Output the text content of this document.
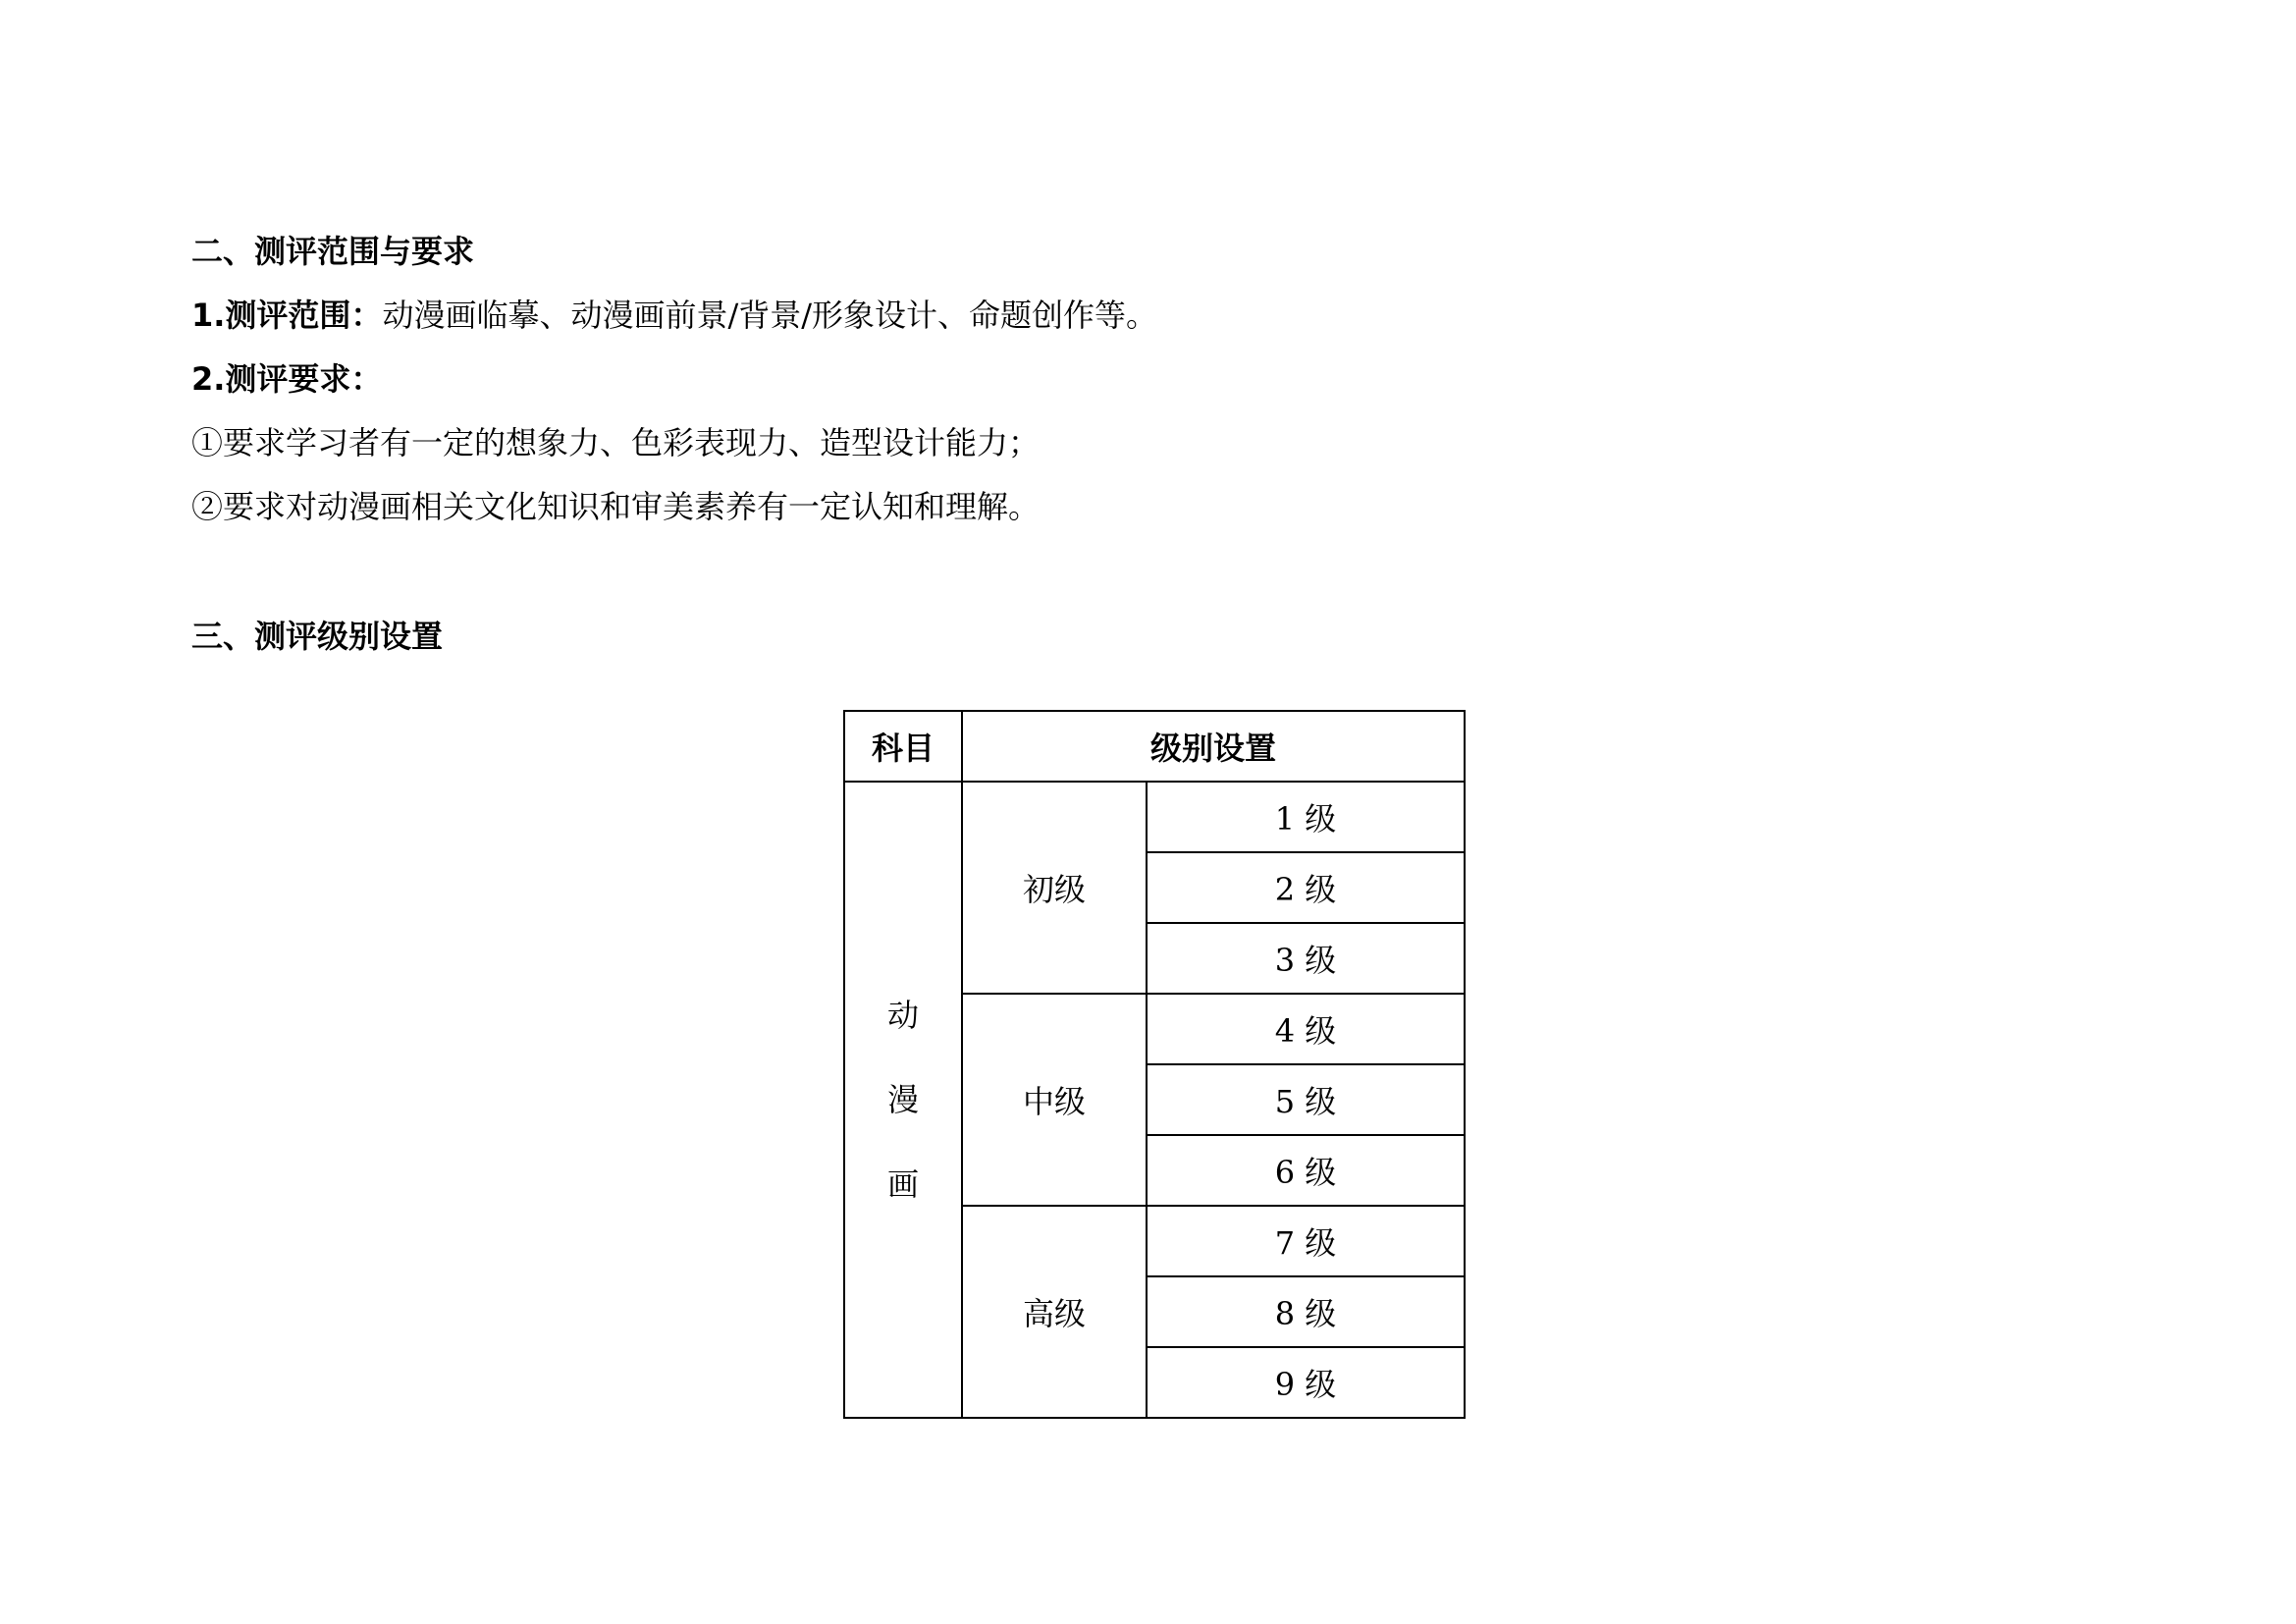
二、测评范围与要求
1.测评范围：动漫画临摹、动漫画前景/背景/形象设计、命题创作等。
2.测评要求：
①要求学习者有一定的想象力、色彩表现力、造型设计能力；
②要求对动漫画相关文化知识和审美素养有一定认知和理解。
三、测评级别设置
科目	级别设置	

动
漫
画	初级	1 级
		2 级
		3 级
	中级	4 级
		5 级
		6 级
	高级	7 级
		8 级
		9 级
